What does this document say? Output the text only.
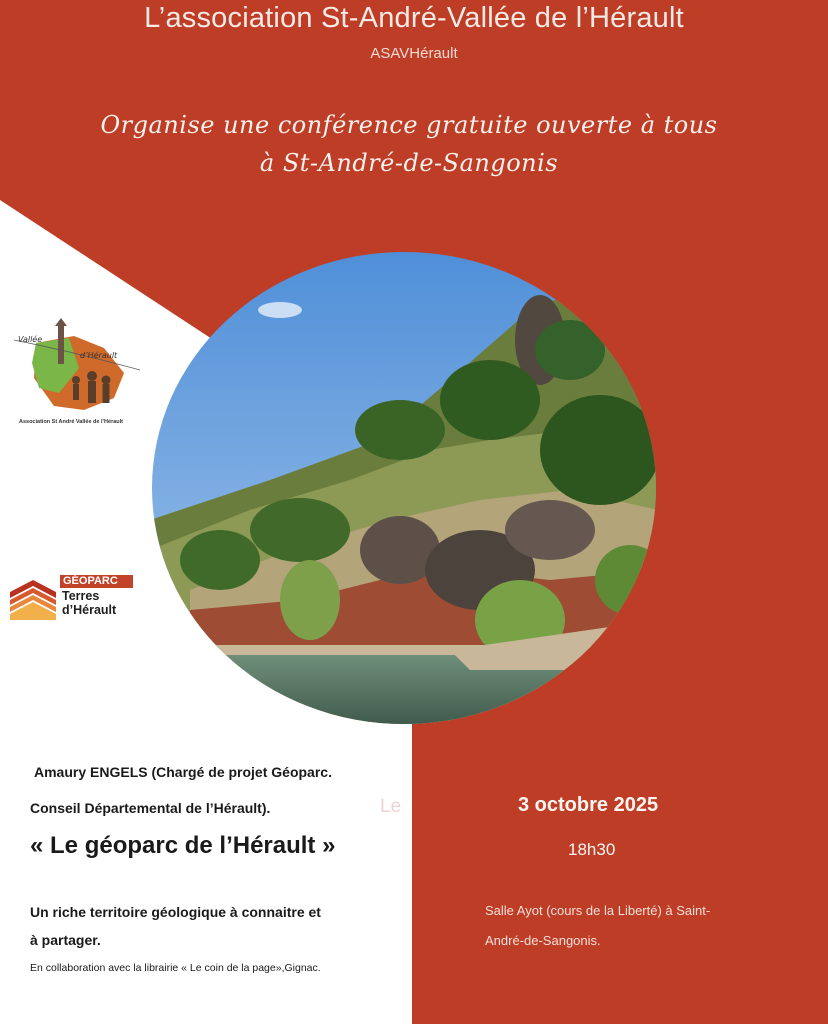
L’association St-André-Vallée de l’Hérault
ASAVHérault
Organise une conférence gratuite ouverte à tous
à St-André-de-Sangonis
Vallée
d’Hérault
Association St André Vallée de l’Hérault
GÉOPARC
Terres
d’Hérault
Amaury ENGELS (Chargé de projet Géoparc.
Conseil Départemental de l’Hérault).
« Le géoparc de l’Hérault »
Un riche territoire géologique à connaitre et
à partager.
En collaboration avec la librairie « Le coin de la page»,Gignac.
Le	3 octobre 2025
18h30
Salle Ayot (cours de la Liberté) à Saint-
André-de-Sangonis.
